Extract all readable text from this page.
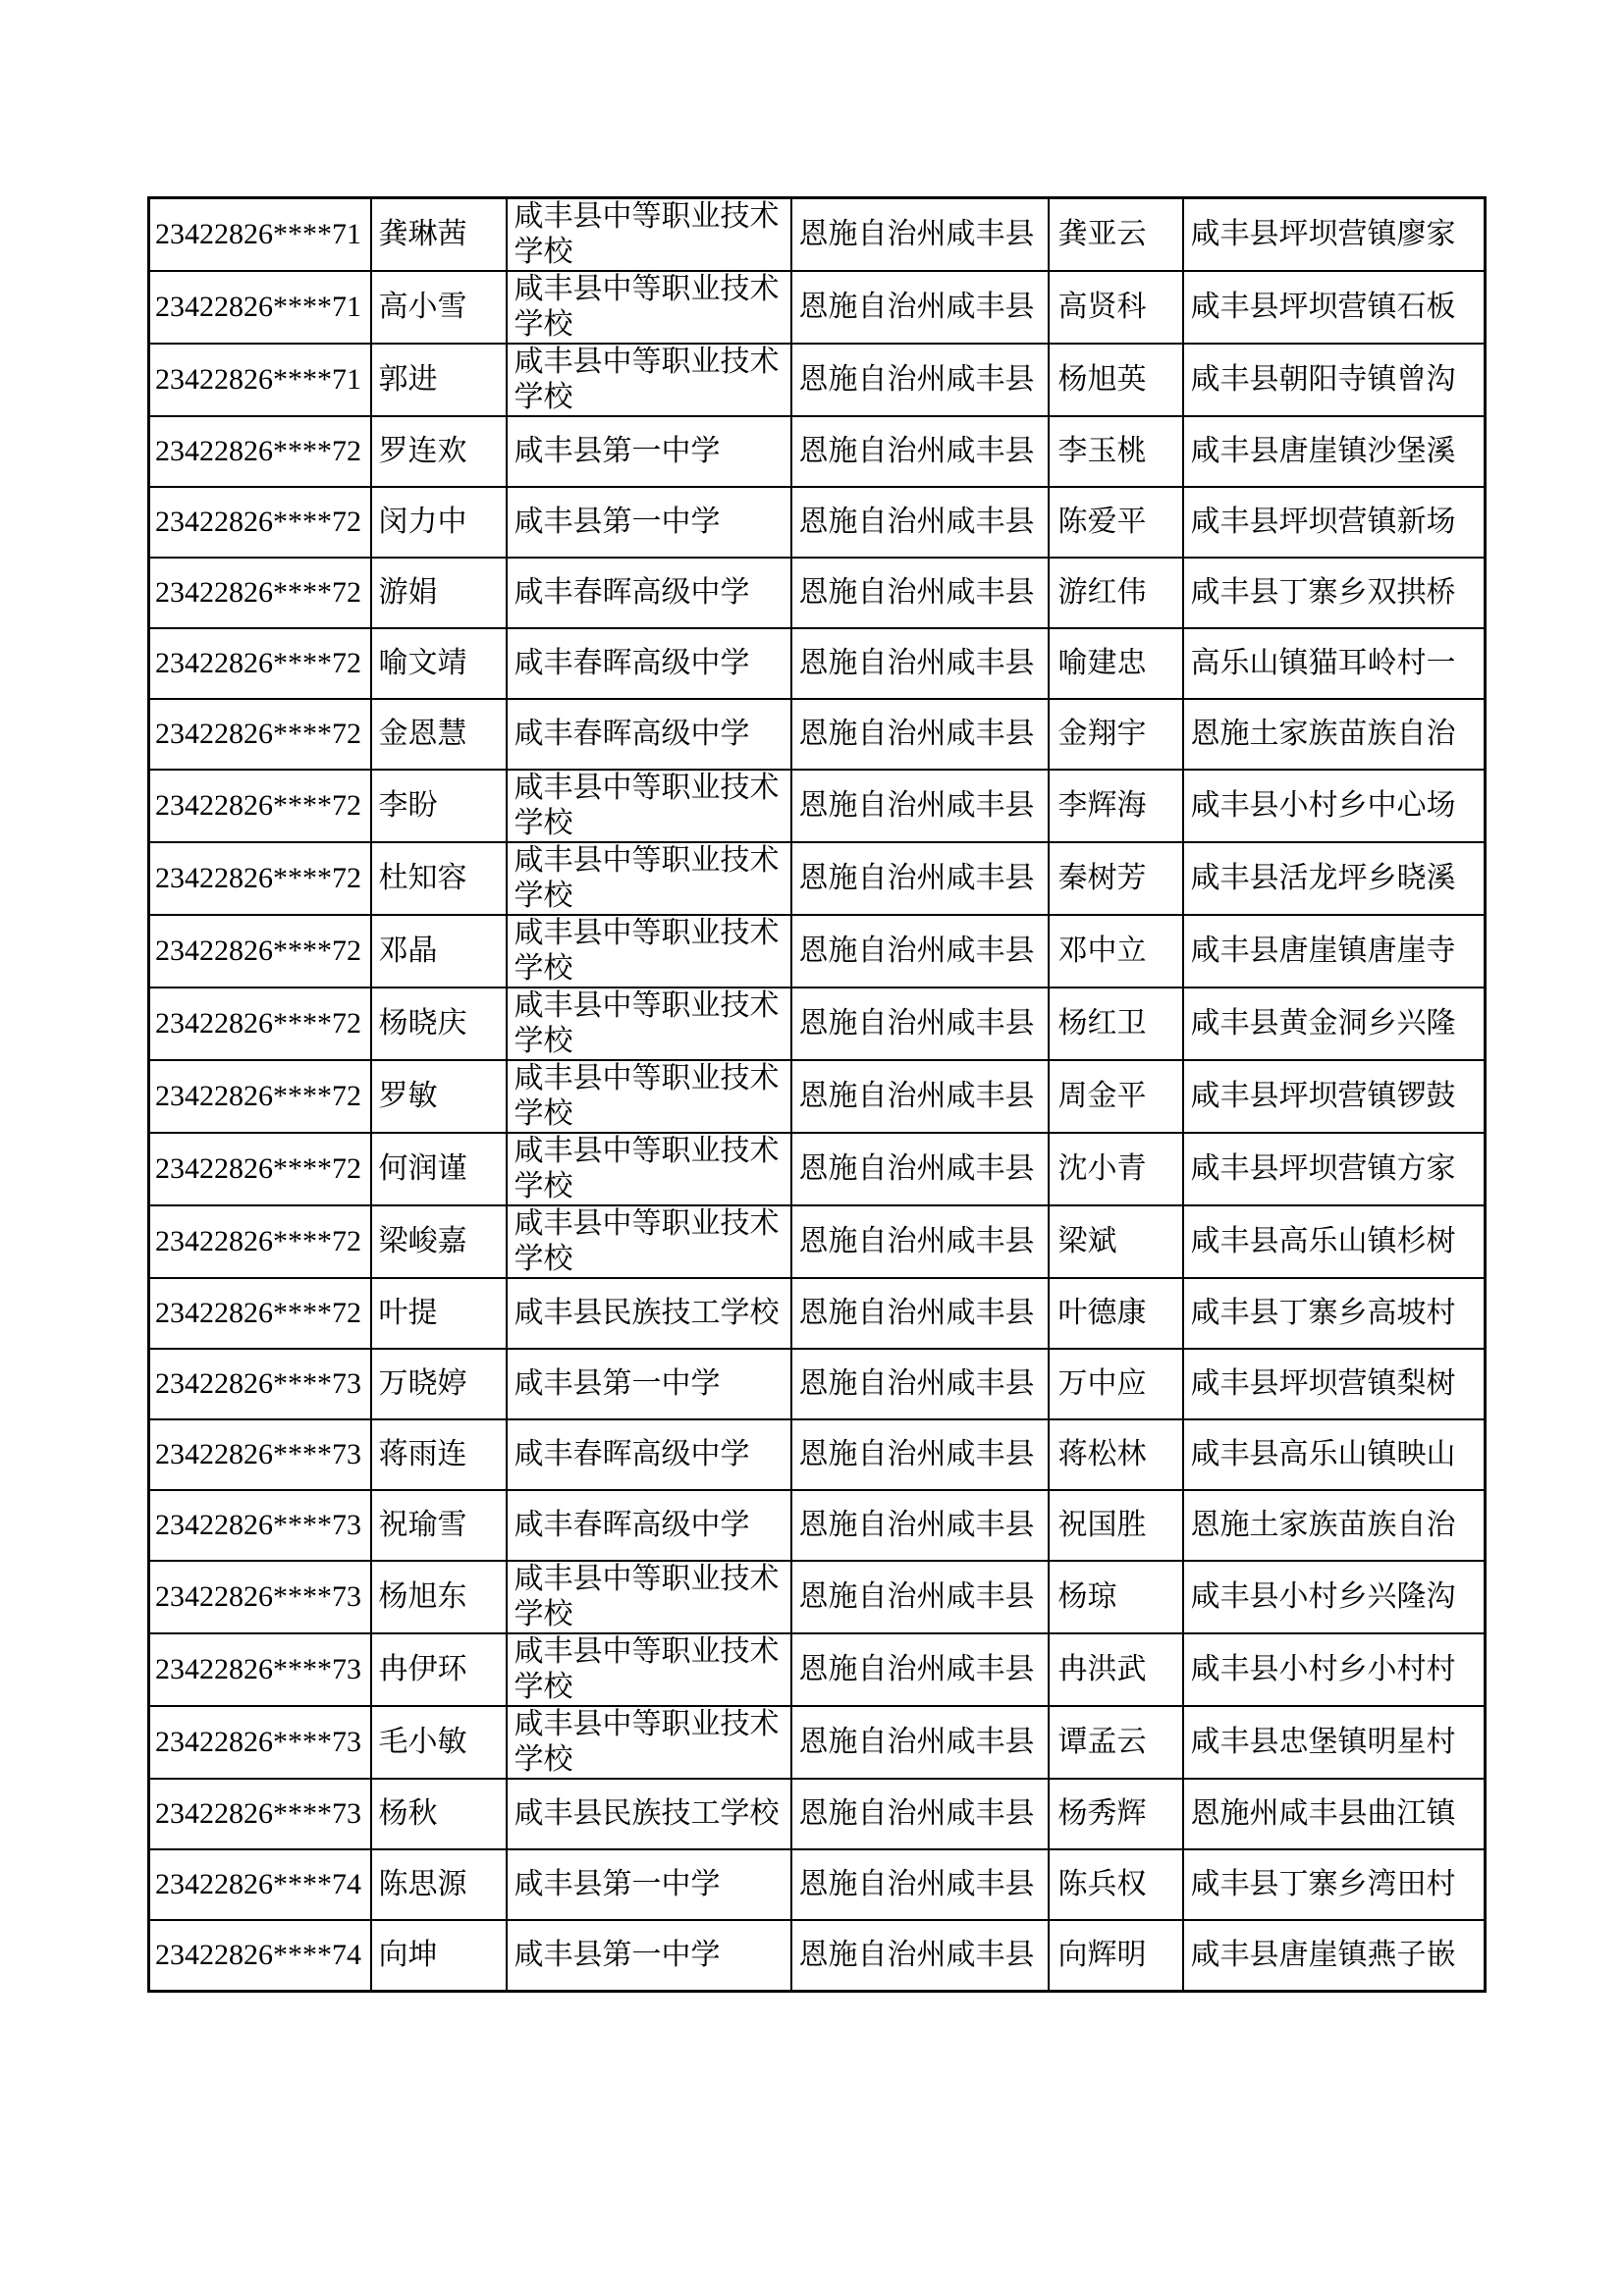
23422826****71	龚琳茜	咸丰县中等职业技术学校	恩施自治州咸丰县	龚亚云	咸丰县坪坝营镇廖家
23422826****71	高小雪	咸丰县中等职业技术学校	恩施自治州咸丰县	高贤科	咸丰县坪坝营镇石板
23422826****71	郭进	咸丰县中等职业技术学校	恩施自治州咸丰县	杨旭英	咸丰县朝阳寺镇曾沟
23422826****72	罗连欢	咸丰县第一中学	恩施自治州咸丰县	李玉桃	咸丰县唐崖镇沙堡溪
23422826****72	闵力中	咸丰县第一中学	恩施自治州咸丰县	陈爱平	咸丰县坪坝营镇新场
23422826****72	游娟	咸丰春晖高级中学	恩施自治州咸丰县	游红伟	咸丰县丁寨乡双拱桥
23422826****72	喻文靖	咸丰春晖高级中学	恩施自治州咸丰县	喻建忠	高乐山镇猫耳岭村一
23422826****72	金恩慧	咸丰春晖高级中学	恩施自治州咸丰县	金翔宇	恩施土家族苗族自治
23422826****72	李盼	咸丰县中等职业技术学校	恩施自治州咸丰县	李辉海	咸丰县小村乡中心场
23422826****72	杜知容	咸丰县中等职业技术学校	恩施自治州咸丰县	秦树芳	咸丰县活龙坪乡晓溪
23422826****72	邓晶	咸丰县中等职业技术学校	恩施自治州咸丰县	邓中立	咸丰县唐崖镇唐崖寺
23422826****72	杨晓庆	咸丰县中等职业技术学校	恩施自治州咸丰县	杨红卫	咸丰县黄金洞乡兴隆
23422826****72	罗敏	咸丰县中等职业技术学校	恩施自治州咸丰县	周金平	咸丰县坪坝营镇锣鼓
23422826****72	何润谨	咸丰县中等职业技术学校	恩施自治州咸丰县	沈小青	咸丰县坪坝营镇方家
23422826****72	梁峻嘉	咸丰县中等职业技术学校	恩施自治州咸丰县	梁斌	咸丰县高乐山镇杉树
23422826****72	叶提	咸丰县民族技工学校	恩施自治州咸丰县	叶德康	咸丰县丁寨乡高坡村
23422826****73	万晓婷	咸丰县第一中学	恩施自治州咸丰县	万中应	咸丰县坪坝营镇梨树
23422826****73	蒋雨连	咸丰春晖高级中学	恩施自治州咸丰县	蒋松林	咸丰县高乐山镇映山
23422826****73	祝瑜雪	咸丰春晖高级中学	恩施自治州咸丰县	祝国胜	恩施土家族苗族自治
23422826****73	杨旭东	咸丰县中等职业技术学校	恩施自治州咸丰县	杨琼	咸丰县小村乡兴隆沟
23422826****73	冉伊环	咸丰县中等职业技术学校	恩施自治州咸丰县	冉洪武	咸丰县小村乡小村村
23422826****73	毛小敏	咸丰县中等职业技术学校	恩施自治州咸丰县	谭孟云	咸丰县忠堡镇明星村
23422826****73	杨秋	咸丰县民族技工学校	恩施自治州咸丰县	杨秀辉	恩施州咸丰县曲江镇
23422826****74	陈思源	咸丰县第一中学	恩施自治州咸丰县	陈兵权	咸丰县丁寨乡湾田村
23422826****74	向坤	咸丰县第一中学	恩施自治州咸丰县	向辉明	咸丰县唐崖镇燕子嵌
